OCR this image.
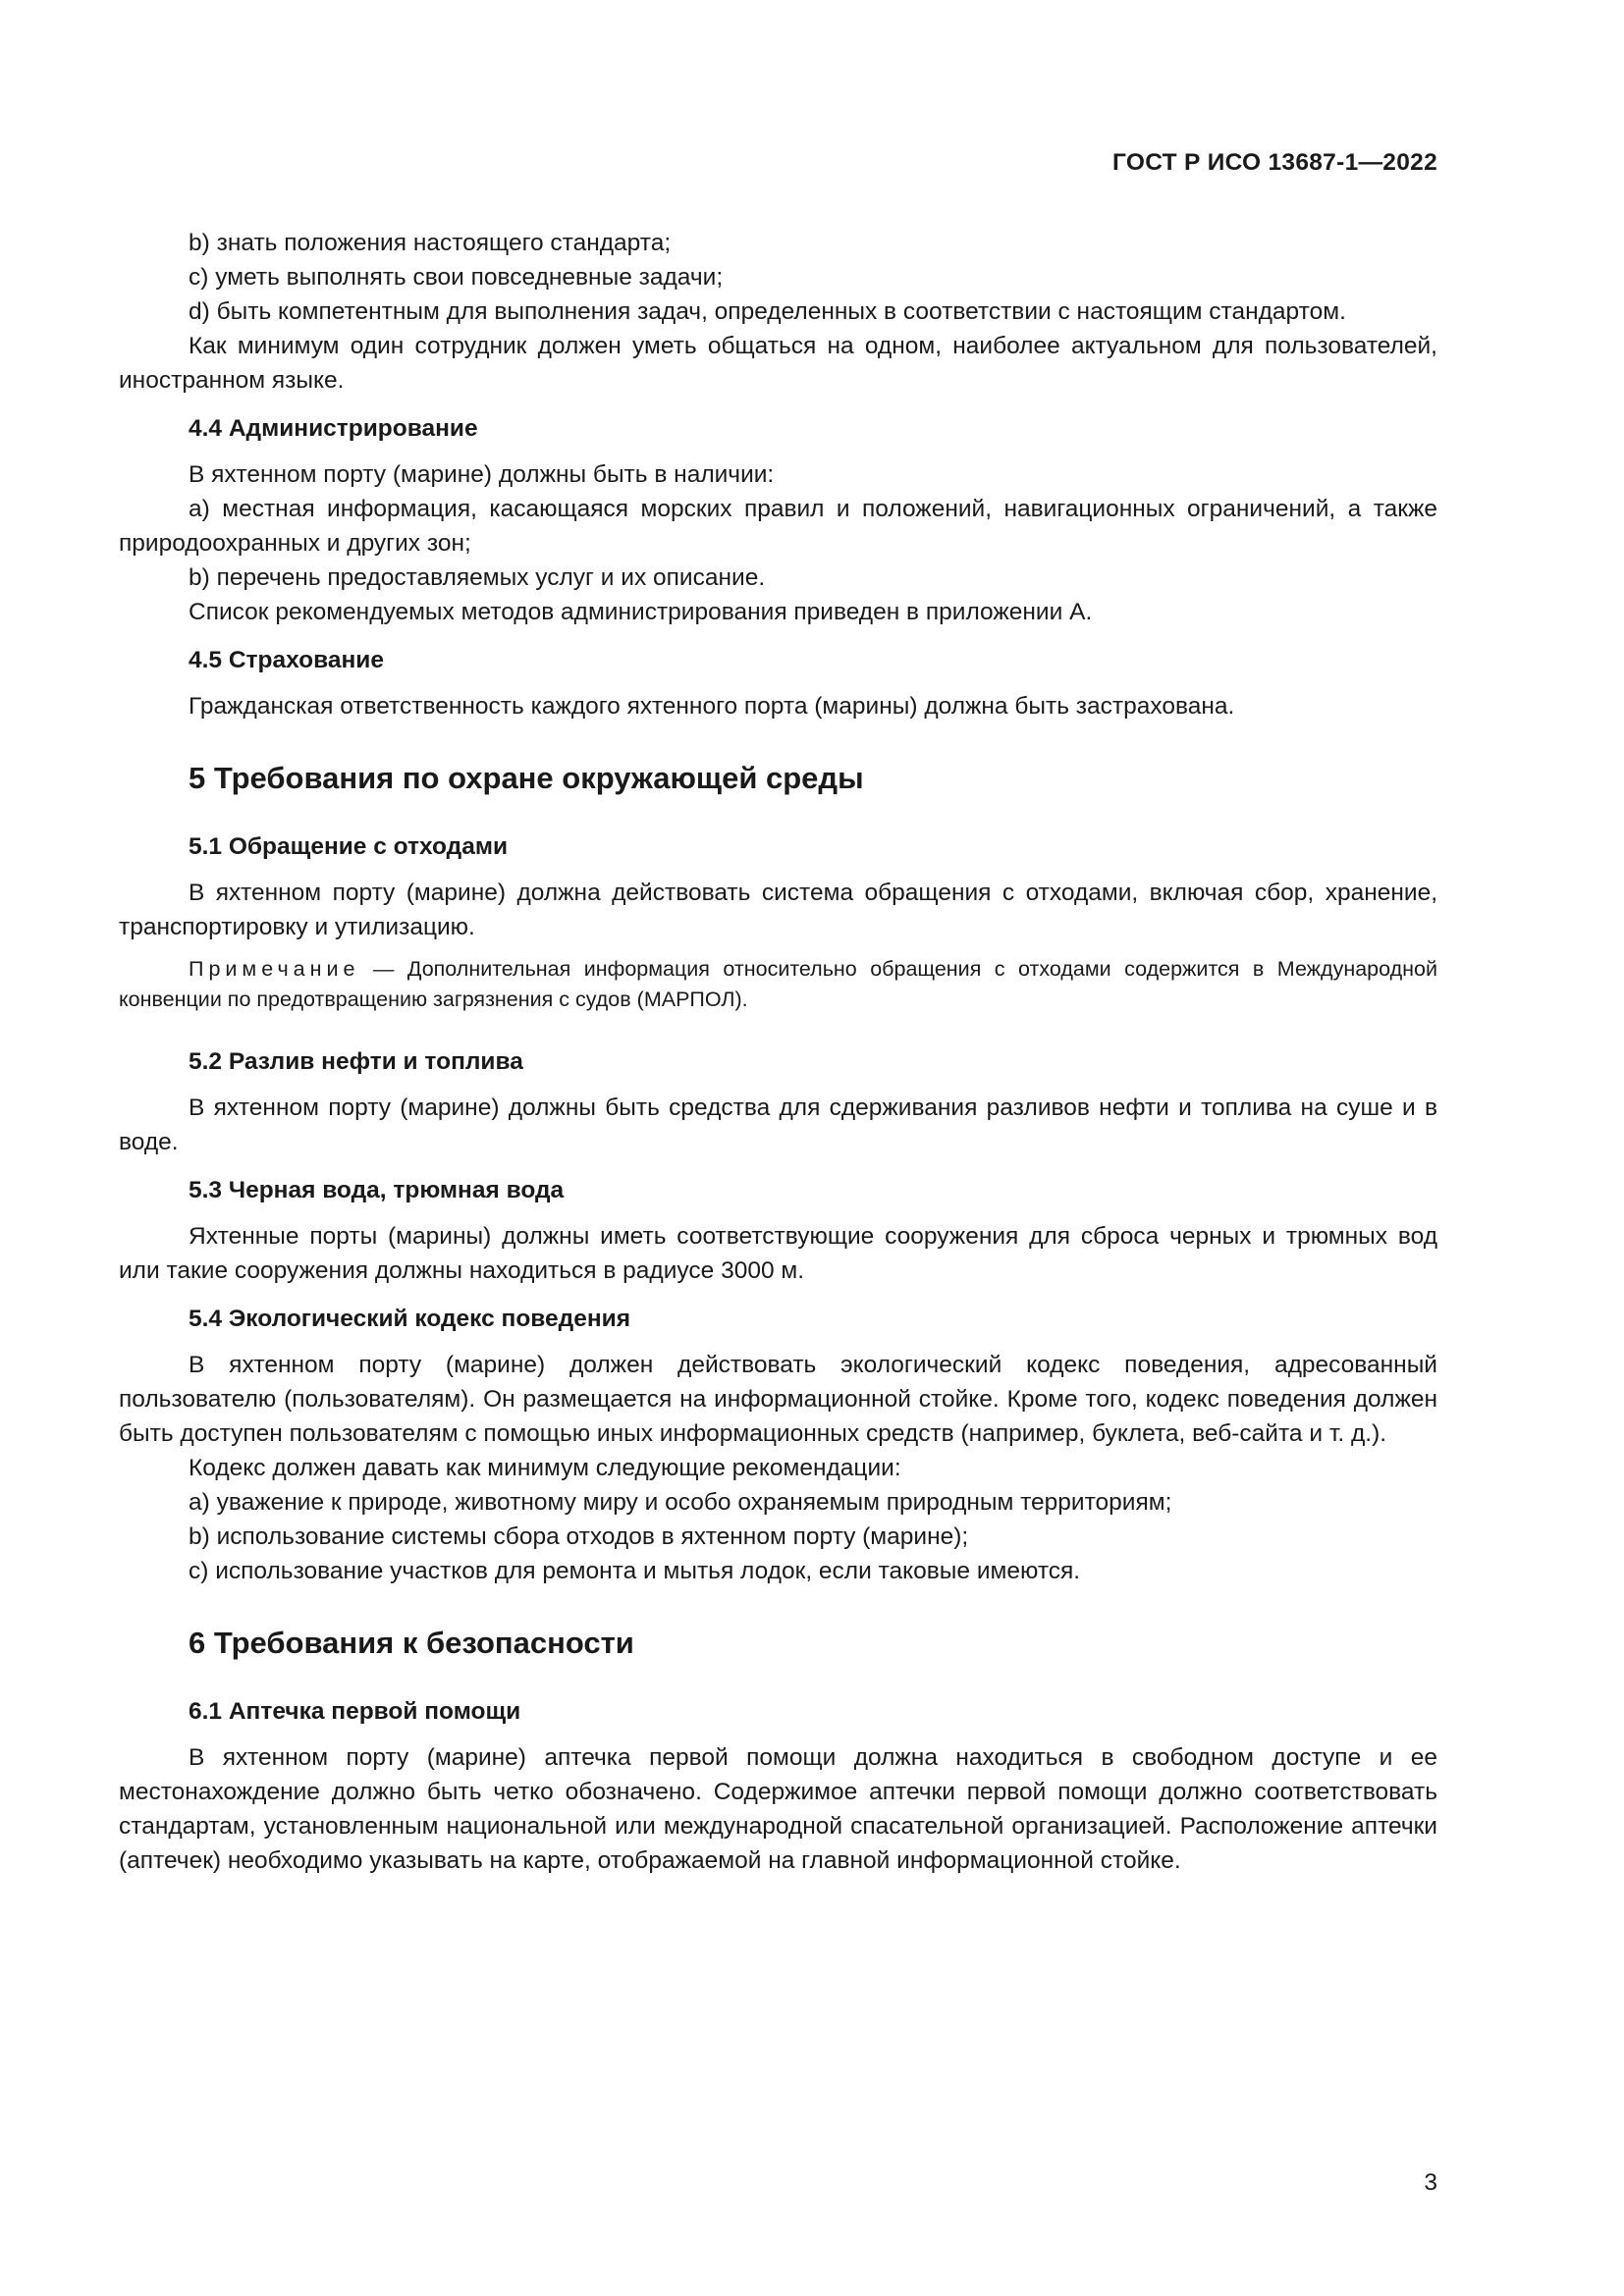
ГОСТ Р ИСО 13687-1—2022

b) знать положения настоящего стандарта;

c) уметь выполнять свои повседневные задачи;

d) быть компетентным для выполнения задач, определенных в соответствии с настоящим стандартом.

Как минимум один сотрудник должен уметь общаться на одном, наиболее актуальном для пользователей, иностранном языке.

4.4 Администрирование

В яхтенном порту (марине) должны быть в наличии:

a) местная информация, касающаяся морских правил и положений, навигационных ограничений, а также природоохранных и других зон;

b) перечень предоставляемых услуг и их описание.

Список рекомендуемых методов администрирования приведен в приложении А.

4.5 Страхование

Гражданская ответственность каждого яхтенного порта (марины) должна быть застрахована.

5 Требования по охране окружающей среды
5.1 Обращение с отходами

В яхтенном порту (марине) должна действовать система обращения с отходами, включая сбор, хранение, транспортировку и утилизацию.

Примечание — Дополнительная информация относительно обращения с отходами содержится в Международной конвенции по предотвращению загрязнения с судов (МАРПОЛ).

5.2 Разлив нефти и топлива

В яхтенном порту (марине) должны быть средства для сдерживания разливов нефти и топлива на суше и в воде.

5.3 Черная вода, трюмная вода

Яхтенные порты (марины) должны иметь соответствующие сооружения для сброса черных и трюмных вод или такие сооружения должны находиться в радиусе 3000 м.

5.4 Экологический кодекс поведения

В яхтенном порту (марине) должен действовать экологический кодекс поведения, адресованный пользователю (пользователям). Он размещается на информационной стойке. Кроме того, кодекс поведения должен быть доступен пользователям с помощью иных информационных средств (например, буклета, веб-сайта и т. д.).

Кодекс должен давать как минимум следующие рекомендации:

a) уважение к природе, животному миру и особо охраняемым природным территориям;

b) использование системы сбора отходов в яхтенном порту (марине);

c) использование участков для ремонта и мытья лодок, если таковые имеются.

6 Требования к безопасности
6.1 Аптечка первой помощи

В яхтенном порту (марине) аптечка первой помощи должна находиться в свободном доступе и ее местонахождение должно быть четко обозначено. Содержимое аптечки первой помощи должно соответствовать стандартам, установленным национальной или международной спасательной организацией. Расположение аптечки (аптечек) необходимо указывать на карте, отображаемой на главной информационной стойке.

3
